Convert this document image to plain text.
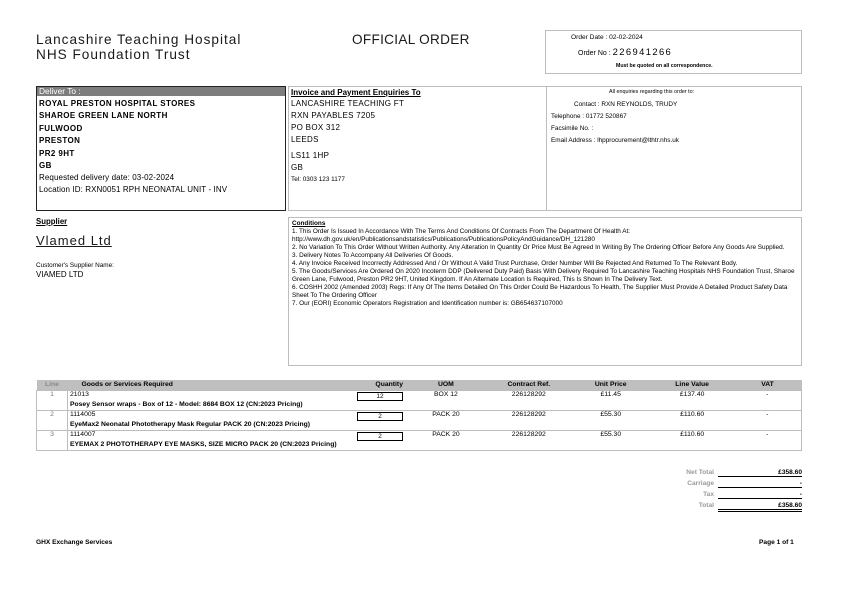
Lancashire Teaching Hospital
NHS Foundation Trust
OFFICIAL ORDER	Order Date : 02-02-2024
Order No : 226941266
Must be quoted on all correspondence.
Deliver To :
ROYAL PRESTON HOSPITAL STORES
SHAROE GREEN LANE NORTH
FULWOOD
PRESTON
PR2 9HT
GB
Requested delivery date: 03-02-2024
Location ID: RXN0051 RPH NEONATAL UNIT - INV
Invoice and Payment Enquiries To
LANCASHIRE TEACHING FT
RXN PAYABLES 7205
PO BOX 312
LEEDS
LS11 1HP
GB
Tel: 0303 123 1177
All enquiries regarding this order to:
Contact : RXN REYNOLDS, TRUDY
Telephone : 01772 520867
Facsimile No. :
Email Address : lhpprocurement@lthtr.nhs.uk
Supplier
Vlamed Ltd
Customer's Supplier Name:
VIAMED LTD
Conditions
1. This Order Is Issued In Accordance With The Terms And Conditions Of Contracts From The Department Of Health At: http://www.dh.gov.uk/en/Publicationsandstatistics/Publications/PublicationsPolicyAndGuidance/DH_121280
2. No Variation To This Order Without Written Authority. Any Alteration In Quantity Or Price Must Be Agreed In Writing By The Ordering Officer Before Any Goods Are Supplied.
3. Delivery Notes To Accompany All Deliveries Of Goods.
4. Any Invoice Received Incorrectly Addressed And / Or Without A Valid Trust Purchase, Order Number Will Be Rejected And Returned To The Relevant Body.
5. The Goods/Services Are Ordered On 2020 Incoterm DDP (Delivered Duty Paid) Basis With Delivery Required To Lancashire Teaching Hospitals NHS Foundation Trust, Sharoe Green Lane, Fulwood, Preston PR2 9HT, United Kingdom. If An Alternate Location Is Required, This Is Shown In The Delivery Text.
6. COSHH 2002 (Amended 2003) Regs: If Any Of The Items Detailed On This Order Could Be Hazardous To Health, The Supplier Must Provide A Detailed Product Safety Data Sheet To The Ordering Officer
7. Our (EORI) Economic Operators Registration and Identification number is: GB654637107000
Line	Goods or Services Required	Quantity	UOM	Contract Ref.	Unit Price	Line Value	VAT
1	21013	12	BOX 12	226128292	£11.45	£137.40	-
	Posey Sensor wraps - Box of 12 - Model: 8684 BOX 12 (CN:2023 Pricing)						
2	1114005	2	PACK 20	226128292	£55.30	£110.60	-
	EyeMax2 Neonatal Phototherapy Mask Regular PACK 20 (CN:2023 Pricing)						
3	1114007	2	PACK 20	226128292	£55.30	£110.60	-
	EYEMAX 2 PHOTOTHERAPY EYE MASKS, SIZE MICRO PACK 20 (CN:2023 Pricing)						
Net Total	£358.60
Carriage	-
Tax	-
Total	£358.60
GHX Exchange Services	Page 1 of 1
